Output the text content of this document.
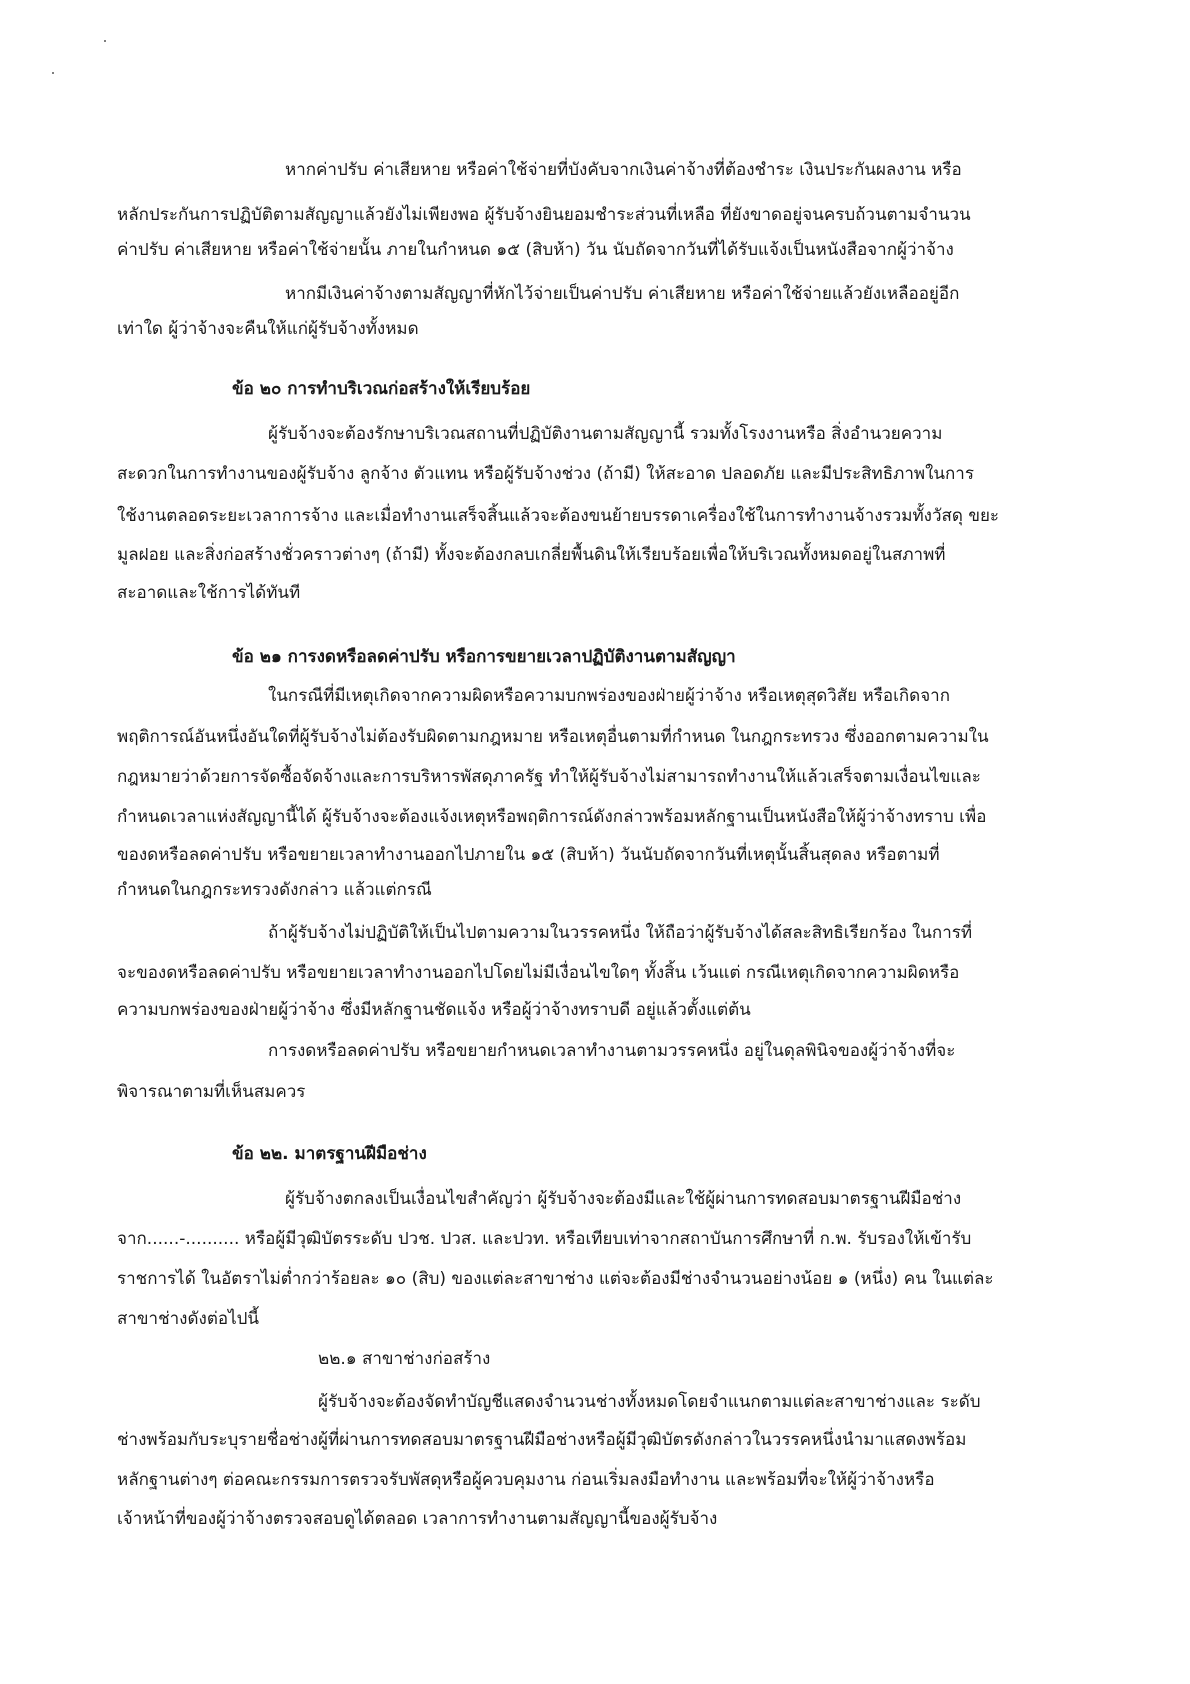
หากค่าปรับ ค่าเสียหาย หรือค่าใช้จ่ายที่บังคับจากเงินค่าจ้างที่ต้องชำระ เงินประกันผลงาน หรือ
หลักประกันการปฏิบัติตามสัญญาแล้วยังไม่เพียงพอ ผู้รับจ้างยินยอมชำระส่วนที่เหลือ ที่ยังขาดอยู่จนครบถ้วนตามจำนวน
ค่าปรับ ค่าเสียหาย หรือค่าใช้จ่ายนั้น ภายในกำหนด ๑๕ (สิบห้า) วัน นับถัดจากวันที่ได้รับแจ้งเป็นหนังสือจากผู้ว่าจ้าง
หากมีเงินค่าจ้างตามสัญญาที่หักไว้จ่ายเป็นค่าปรับ ค่าเสียหาย หรือค่าใช้จ่ายแล้วยังเหลืออยู่อีก
เท่าใด ผู้ว่าจ้างจะคืนให้แก่ผู้รับจ้างทั้งหมด
ข้อ ๒๐ การทำบริเวณก่อสร้างให้เรียบร้อย
ผู้รับจ้างจะต้องรักษาบริเวณสถานที่ปฏิบัติงานตามสัญญานี้ รวมทั้งโรงงานหรือ สิ่งอำนวยความ
สะดวกในการทำงานของผู้รับจ้าง ลูกจ้าง ตัวแทน หรือผู้รับจ้างช่วง (ถ้ามี) ให้สะอาด ปลอดภัย และมีประสิทธิภาพในการ
ใช้งานตลอดระยะเวลาการจ้าง และเมื่อทำงานเสร็จสิ้นแล้วจะต้องขนย้ายบรรดาเครื่องใช้ในการทำงานจ้างรวมทั้งวัสดุ ขยะ
มูลฝอย และสิ่งก่อสร้างชั่วคราวต่างๆ (ถ้ามี) ทั้งจะต้องกลบเกลี่ยพื้นดินให้เรียบร้อยเพื่อให้บริเวณทั้งหมดอยู่ในสภาพที่
สะอาดและใช้การได้ทันที
ข้อ ๒๑ การงดหรือลดค่าปรับ หรือการขยายเวลาปฏิบัติงานตามสัญญา
ในกรณีที่มีเหตุเกิดจากความผิดหรือความบกพร่องของฝ่ายผู้ว่าจ้าง หรือเหตุสุดวิสัย หรือเกิดจาก
พฤติการณ์อันหนึ่งอันใดที่ผู้รับจ้างไม่ต้องรับผิดตามกฎหมาย หรือเหตุอื่นตามที่กำหนด ในกฎกระทรวง ซึ่งออกตามความใน
กฎหมายว่าด้วยการจัดซื้อจัดจ้างและการบริหารพัสดุภาครัฐ ทำให้ผู้รับจ้างไม่สามารถทำงานให้แล้วเสร็จตามเงื่อนไขและ
กำหนดเวลาแห่งสัญญานี้ได้ ผู้รับจ้างจะต้องแจ้งเหตุหรือพฤติการณ์ดังกล่าวพร้อมหลักฐานเป็นหนังสือให้ผู้ว่าจ้างทราบ เพื่อ
ของดหรือลดค่าปรับ หรือขยายเวลาทำงานออกไปภายใน ๑๕ (สิบห้า) วันนับถัดจากวันที่เหตุนั้นสิ้นสุดลง หรือตามที่
กำหนดในกฎกระทรวงดังกล่าว แล้วแต่กรณี
ถ้าผู้รับจ้างไม่ปฏิบัติให้เป็นไปตามความในวรรคหนึ่ง ให้ถือว่าผู้รับจ้างได้สละสิทธิเรียกร้อง ในการที่
จะของดหรือลดค่าปรับ หรือขยายเวลาทำงานออกไปโดยไม่มีเงื่อนไขใดๆ ทั้งสิ้น เว้นแต่ กรณีเหตุเกิดจากความผิดหรือ
ความบกพร่องของฝ่ายผู้ว่าจ้าง ซึ่งมีหลักฐานชัดแจ้ง หรือผู้ว่าจ้างทราบดี อยู่แล้วตั้งแต่ต้น
การงดหรือลดค่าปรับ หรือขยายกำหนดเวลาทำงานตามวรรคหนึ่ง อยู่ในดุลพินิจของผู้ว่าจ้างที่จะ
พิจารณาตามที่เห็นสมควร
ข้อ ๒๒. มาตรฐานฝีมือช่าง
ผู้รับจ้างตกลงเป็นเงื่อนไขสำคัญว่า ผู้รับจ้างจะต้องมีและใช้ผู้ผ่านการทดสอบมาตรฐานฝีมือช่าง
จาก......-.......... หรือผู้มีวุฒิบัตรระดับ ปวช. ปวส. และปวท. หรือเทียบเท่าจากสถาบันการศึกษาที่ ก.พ. รับรองให้เข้ารับ
ราชการได้ ในอัตราไม่ต่ำกว่าร้อยละ ๑๐ (สิบ) ของแต่ละสาขาช่าง แต่จะต้องมีช่างจำนวนอย่างน้อย ๑ (หนึ่ง) คน ในแต่ละ
สาขาช่างดังต่อไปนี้
๒๒.๑ สาขาช่างก่อสร้าง
ผู้รับจ้างจะต้องจัดทำบัญชีแสดงจำนวนช่างทั้งหมดโดยจำแนกตามแต่ละสาขาช่างและ ระดับ
ช่างพร้อมกับระบุรายชื่อช่างผู้ที่ผ่านการทดสอบมาตรฐานฝีมือช่างหรือผู้มีวุฒิบัตรดังกล่าวในวรรคหนึ่งนำมาแสดงพร้อม
หลักฐานต่างๆ ต่อคณะกรรมการตรวจรับพัสดุหรือผู้ควบคุมงาน ก่อนเริ่มลงมือทำงาน และพร้อมที่จะให้ผู้ว่าจ้างหรือ
เจ้าหน้าที่ของผู้ว่าจ้างตรวจสอบดูได้ตลอด เวลาการทำงานตามสัญญานี้ของผู้รับจ้าง
